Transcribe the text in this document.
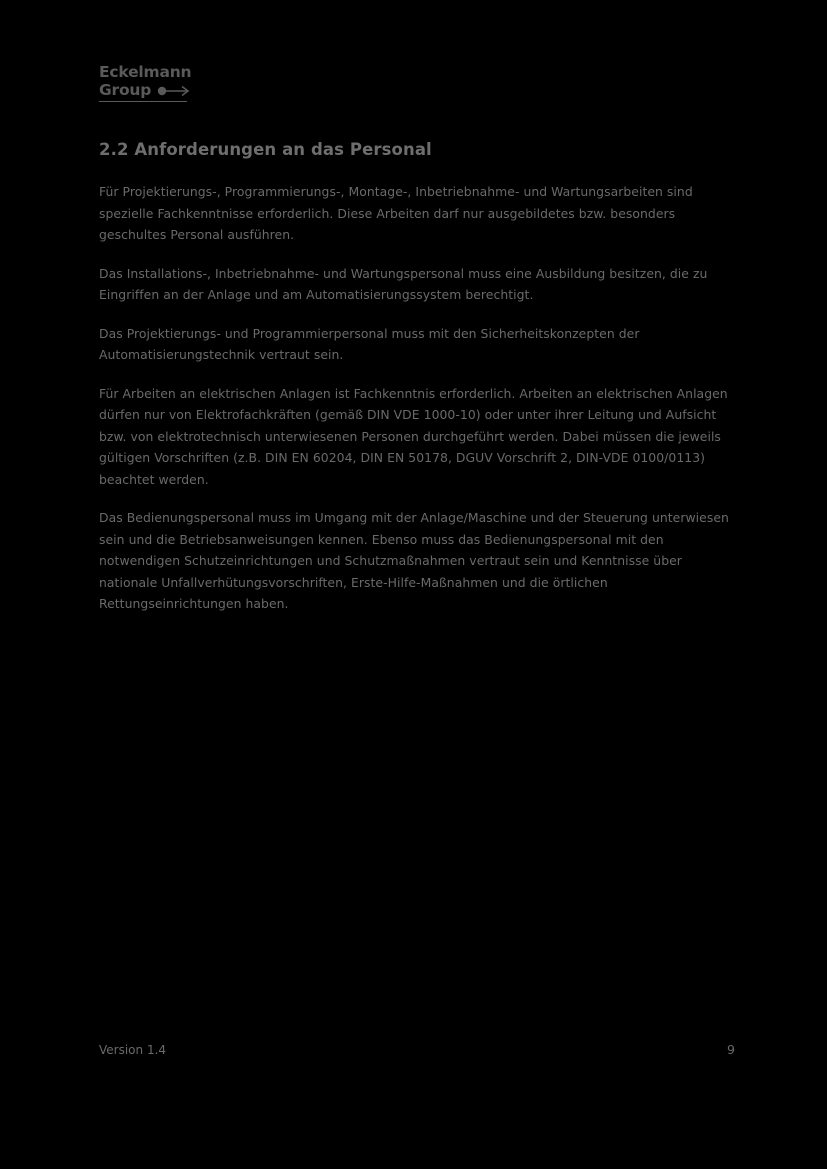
Eckelmann
Group
2.2 Anforderungen an das Personal

Für Projektierungs-, Programmierungs-, Montage-, Inbetriebnahme- und Wartungsarbeiten sind spezielle Fachkenntnisse erforderlich. Diese Arbeiten darf nur ausgebildetes bzw. besonders geschultes Personal ausführen.

Das Installations-, Inbetriebnahme- und Wartungspersonal muss eine Ausbildung besitzen, die zu Eingriffen an der Anlage und am Automatisierungssystem berechtigt.

Das Projektierungs- und Programmierpersonal muss mit den Sicherheitskonzepten der Automatisierungstechnik vertraut sein.

Für Arbeiten an elektrischen Anlagen ist Fachkenntnis erforderlich. Arbeiten an elektrischen Anlagen dürfen nur von Elektrofachkräften (gemäß DIN VDE 1000-10) oder unter ihrer Leitung und Aufsicht bzw. von elektrotechnisch unterwiesenen Personen durchgeführt werden. Dabei müssen die jeweils gültigen Vorschriften (z.B. DIN EN 60204, DIN EN 50178, DGUV Vorschrift 2, DIN-VDE 0100/0113) beachtet werden.

Das Bedienungspersonal muss im Umgang mit der Anlage/Maschine und der Steuerung unterwiesen sein und die Betriebsanweisungen kennen. Ebenso muss das Bedienungspersonal mit den notwendigen Schutzeinrichtungen und Schutzmaßnahmen vertraut sein und Kenntnisse über nationale Unfallverhütungsvorschriften, Erste-Hilfe-Maßnahmen und die örtlichen Rettungseinrichtungen haben.

Version 1.4	9
